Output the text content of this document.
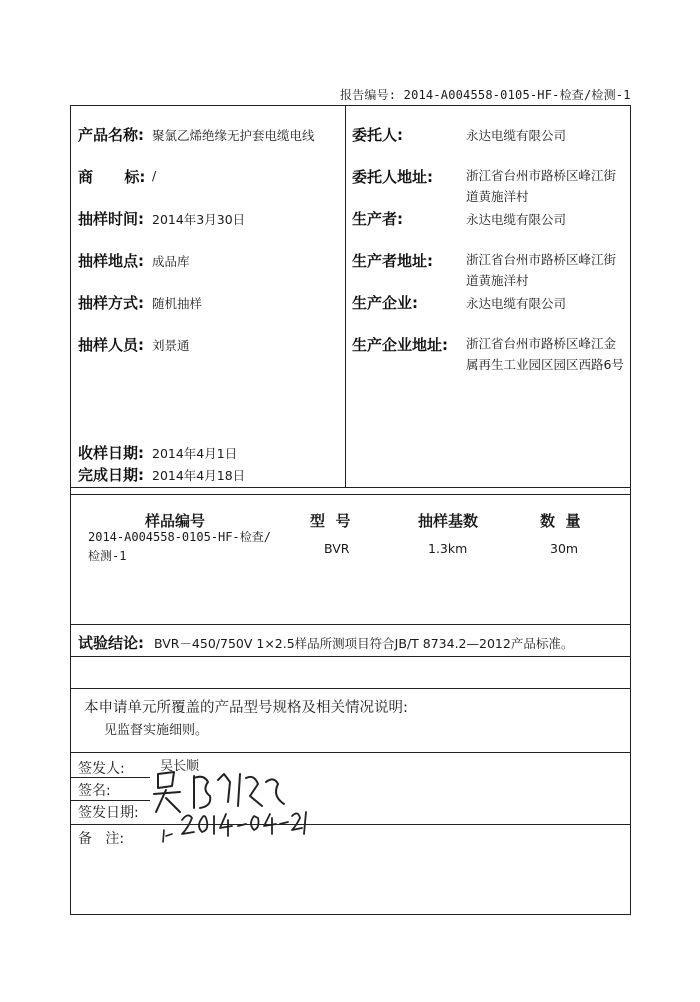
报告编号: 2014-A004558-0105-HF-检查/检测-1
产品名称: 聚氯乙烯绝缘无护套电缆电线
商      标: /
抽样时间: 2014年3月30日
抽样地点: 成品库
抽样方式: 随机抽样
抽样人员: 刘景通
收样日期: 2014年4月1日
完成日期: 2014年4月18日
委托人:	永达电缆有限公司
委托人地址:	浙江省台州市路桥区峰江街道黄施洋村
生产者:	永达电缆有限公司
生产者地址:	浙江省台州市路桥区峰江街道黄施洋村
生产企业:	永达电缆有限公司
生产企业地址: 浙江省台州市路桥区峰江金属再生工业园区园区西路6号
样品编号	型  号	抽样基数	数  量
2014-A004558-0105-HF-检查/检测-1	BVR	1.3km	30m
试验结论: BVR－450/750V 1×2.5样品所测项目符合JB/T 8734.2—2012产品标准。
本申请单元所覆盖的产品型号规格及相关情况说明:
见监督实施细则。
签发人:	吴长顺
签名:
签发日期:
备   注:
